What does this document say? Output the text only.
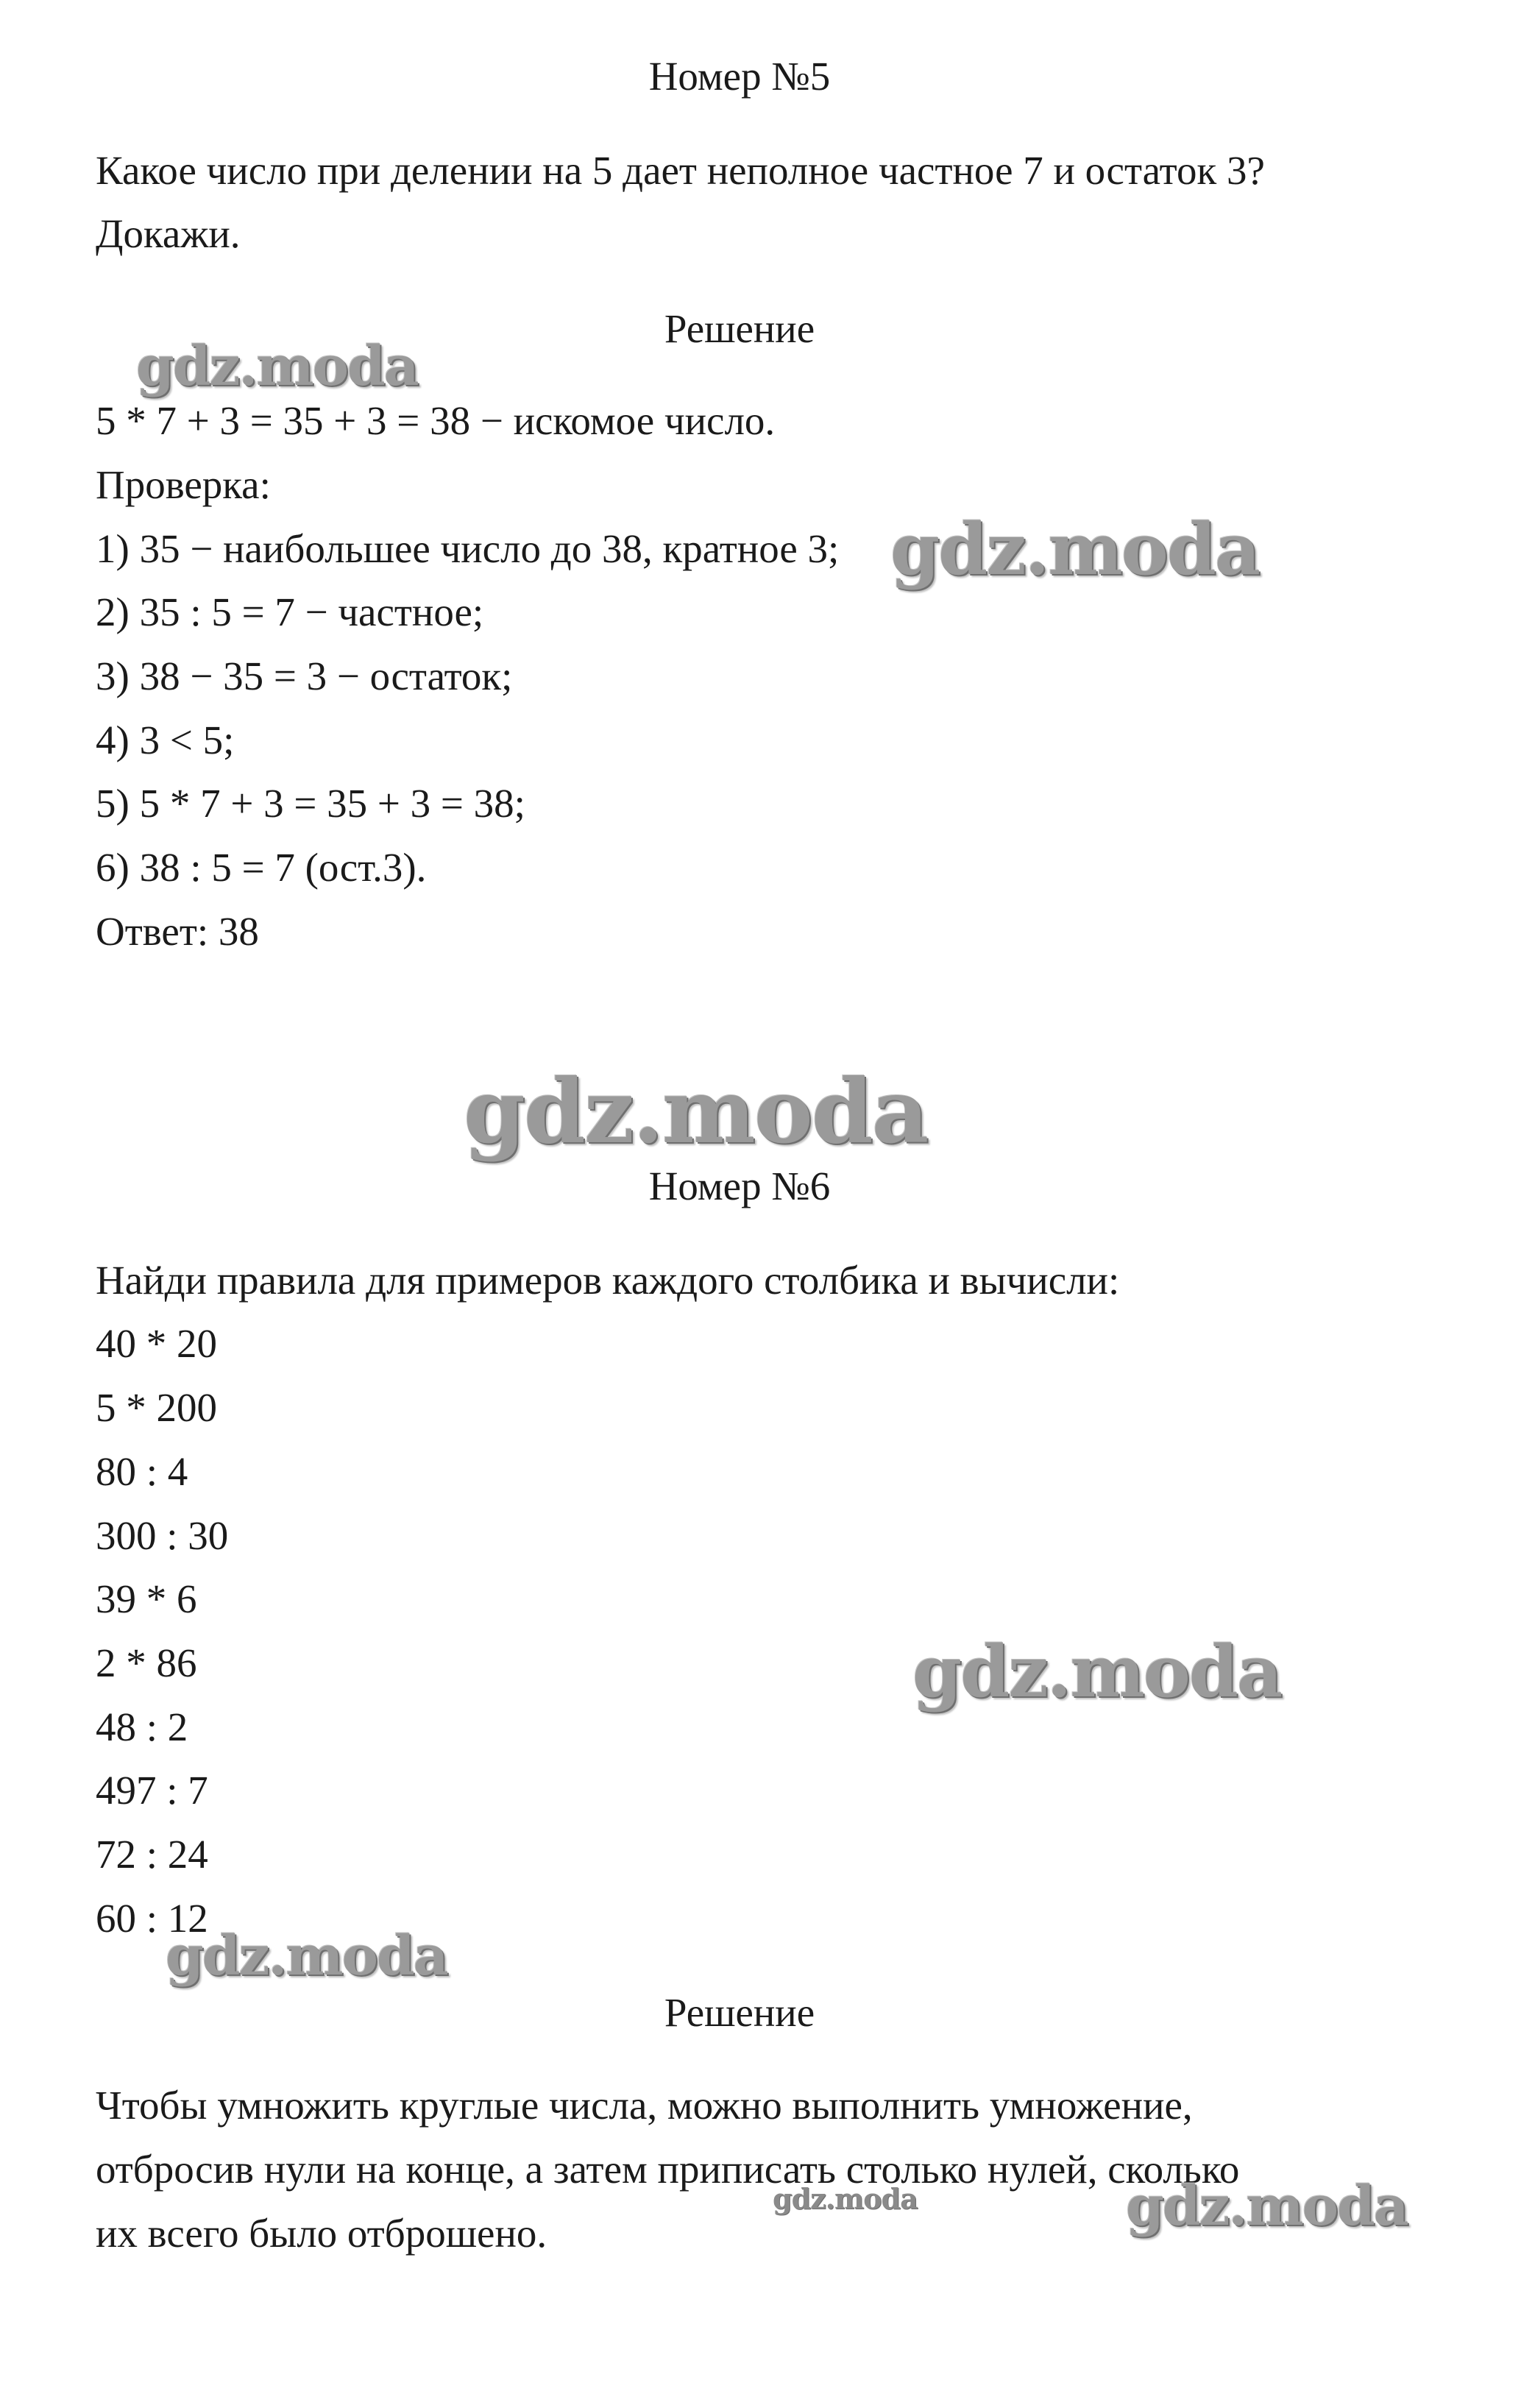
Номер №5
Какое число при делении на 5 дает неполное частное 7 и остаток 3?
Докажи.
Решение
5 * 7 + 3 = 35 + 3 = 38 − искомое число.
Проверка:
1) 35 − наибольшее число до 38, кратное 3;
2) 35 : 5 = 7 − частное;
3) 38 − 35 = 3 − остаток;
4) 3 < 5;
5) 5 * 7 + 3 = 35 + 3 = 38;
6) 38 : 5 = 7 (ост.3).
Ответ: 38
Номер №6
Найди правила для примеров каждого столбика и вычисли:
40 * 20
5 * 200
80 : 4
300 : 30
39 * 6
2 * 86
48 : 2
497 : 7
72 : 24
60 : 12
Решение
Чтобы умножить круглые числа, можно выполнить умножение,
отбросив нули на конце, а затем приписать столько нулей, сколько
их всего было отброшено.
gdz.moda
gdz.moda
gdz.moda
gdz.moda
gdz.moda
gdz.moda	gdz.moda
